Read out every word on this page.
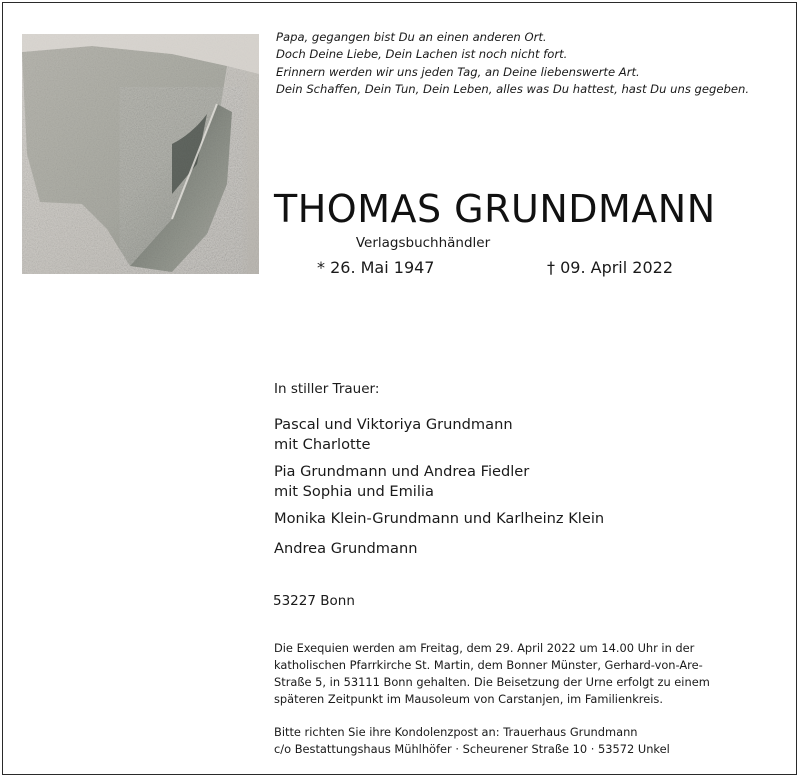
Papa, gegangen bist Du an einen anderen Ort.
Doch Deine Liebe, Dein Lachen ist noch nicht fort.
Erinnern werden wir uns jeden Tag, an Deine liebenswerte Art.
Dein Schaffen, Dein Tun, Dein Leben, alles was Du hattest, hast Du uns gegeben.
THOMAS GRUNDMANN
Verlagsbuchhändler
* 26. Mai 1947	† 09. April 2022
In stiller Trauer:
Pascal und Viktoriya Grundmann
mit Charlotte
Pia Grundmann und Andrea Fiedler
mit Sophia und Emilia
Monika Klein-Grundmann und Karlheinz Klein
Andrea Grundmann
53227 Bonn
Die Exequien werden am Freitag, dem 29. April 2022 um 14.00 Uhr in der
katholischen Pfarrkirche St. Martin, dem Bonner Münster, Gerhard-von-Are-
Straße 5, in 53111 Bonn gehalten. Die Beisetzung der Urne erfolgt zu einem
späteren Zeitpunkt im Mausoleum von Carstanjen, im Familienkreis.
Bitte richten Sie ihre Kondolenzpost an: Trauerhaus Grundmann
c/o Bestattungshaus Mühlhöfer · Scheurener Straße 10 · 53572 Unkel
